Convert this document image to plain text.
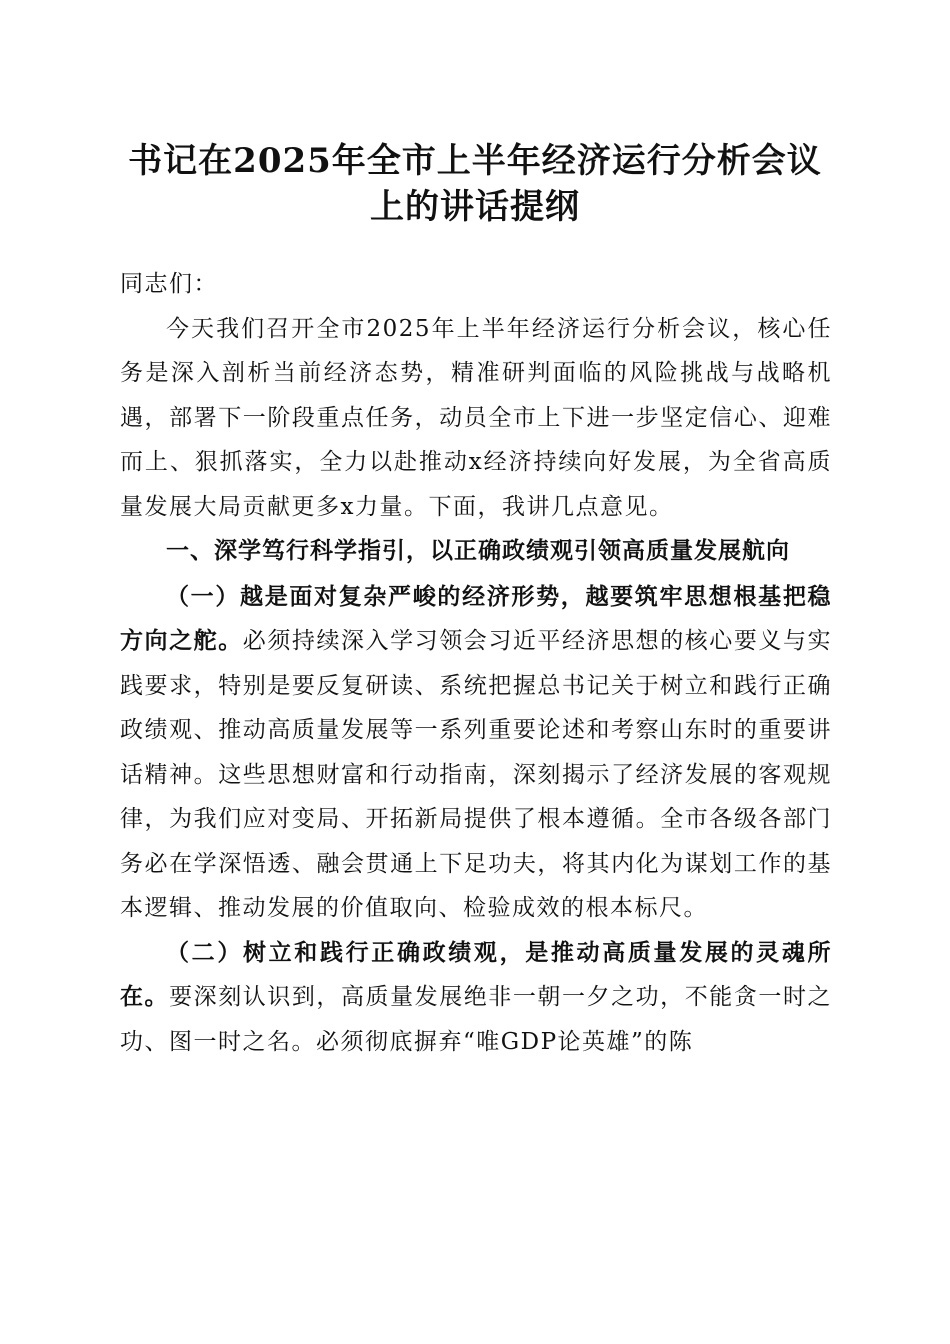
书记在2025年全市上半年经济运行分析会议
上的讲话提纲

同志们：

今天我们召开全市2025年上半年经济运行分析会议，核心任务是深入剖析当前经济态势，精准研判面临的风险挑战与战略机遇，部署下一阶段重点任务，动员全市上下进一步坚定信心、迎难而上、狠抓落实，全力以赴推动x经济持续向好发展，为全省高质量发展大局贡献更多x力量。下面，我讲几点意见。

一、深学笃行科学指引，以正确政绩观引领高质量发展航向

（一）越是面对复杂严峻的经济形势，越要筑牢思想根基把稳方向之舵。必须持续深入学习领会习近平经济思想的核心要义与实践要求，特别是要反复研读、系统把握总书记关于树立和践行正确政绩观、推动高质量发展等一系列重要论述和考察山东时的重要讲话精神。这些思想财富和行动指南，深刻揭示了经济发展的客观规律，为我们应对变局、开拓新局提供了根本遵循。全市各级各部门务必在学深悟透、融会贯通上下足功夫，将其内化为谋划工作的基本逻辑、推动发展的价值取向、检验成效的根本标尺。

（二）树立和践行正确政绩观，是推动高质量发展的灵魂所在。要深刻认识到，高质量发展绝非一朝一夕之功，不能贪一时之功、图一时之名。必须彻底摒弃“唯GDP论英雄”的陈
